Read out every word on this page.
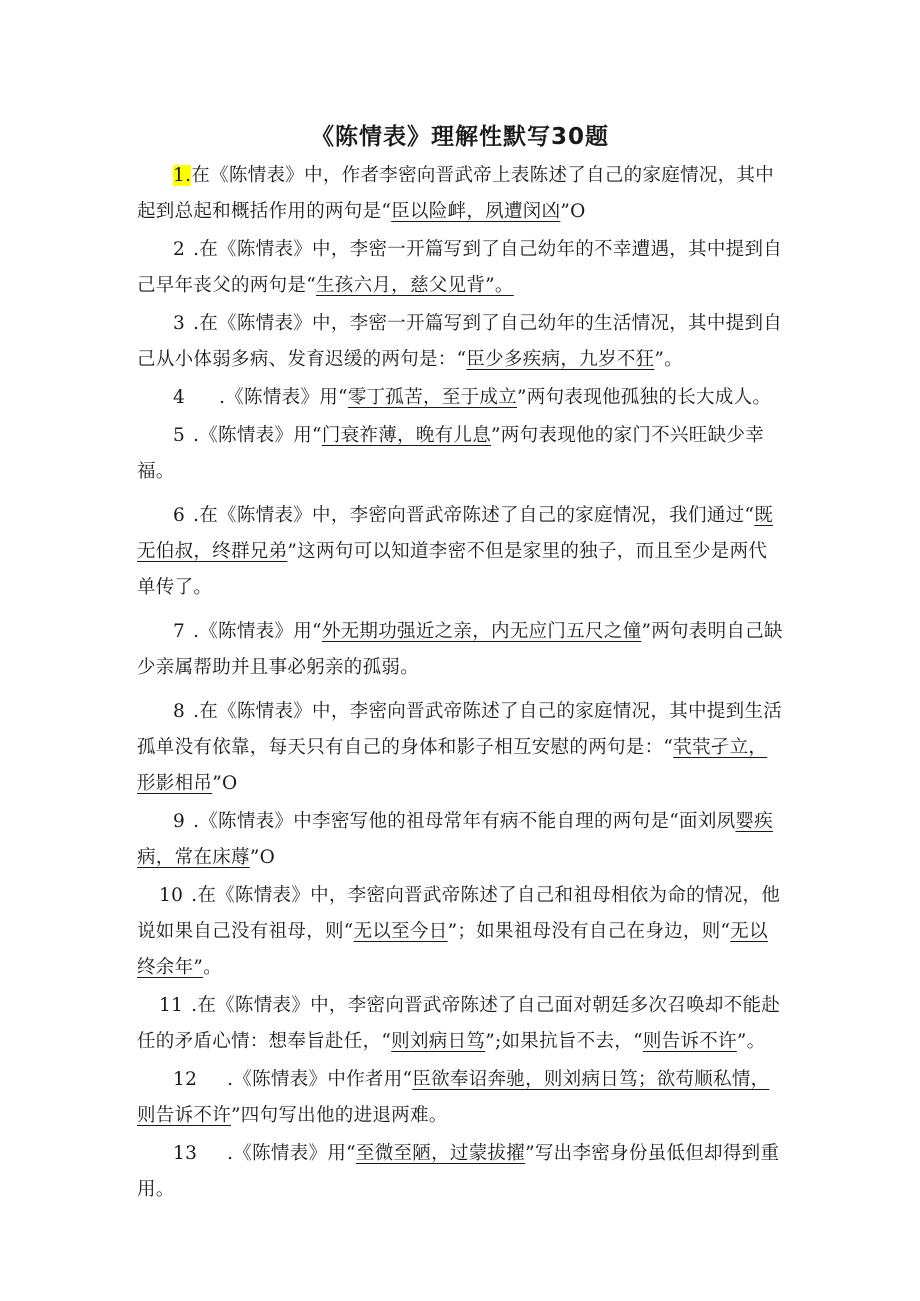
《陈情表》理解性默写30题

1.在《陈情表》中，作者李密向晋武帝上表陈述了自己的家庭情况，其中起到总起和概括作用的两句是“臣以险衅，夙遭闵凶”O

2 .在《陈情表》中，李密一开篇写到了自己幼年的不幸遭遇，其中提到自己早年丧父的两句是“生孩六月，慈父见背”。

3 .在《陈情表》中，李密一开篇写到了自己幼年的生活情况，其中提到自己从小体弱多病、发育迟缓的两句是：“臣少多疾病，九岁不狂”。

4 .《陈情表》用“零丁孤苦，至于成立”两句表现他孤独的长大成人。

5 .《陈情表》用“门衰祚薄，晚有儿息”两句表现他的家门不兴旺缺少幸福。

6 .在《陈情表》中，李密向晋武帝陈述了自己的家庭情况，我们通过“既无伯叔，终群兄弟”这两句可以知道李密不但是家里的独子，而且至少是两代单传了。

7 .《陈情表》用“外无期功强近之亲，内无应门五尺之僮”两句表明自己缺少亲属帮助并且事必躬亲的孤弱。

8 .在《陈情表》中，李密向晋武帝陈述了自己的家庭情况，其中提到生活孤单没有依靠，每天只有自己的身体和影子相互安慰的两句是：“茕茕孑立，形影相吊”O

9 .《陈情表》中李密写他的祖母常年有病不能自理的两句是“面刘夙婴疾病，常在床蓐”O

10 .在《陈情表》中，李密向晋武帝陈述了自己和祖母相依为命的情况，他说如果自己没有祖母，则“无以至今日”；如果祖母没有自己在身边，则“无以终余年”。

11 .在《陈情表》中，李密向晋武帝陈述了自己面对朝廷多次召唤却不能赴任的矛盾心情：想奉旨赴任，“则刘病日笃”;如果抗旨不去，“则告诉不许”。

12 .《陈情表》中作者用“臣欲奉诏奔驰，则刘病日笃；欲苟顺私情，则告诉不许”四句写出他的进退两难。

13 .《陈情表》用“至微至陋，过蒙拔擢”写出李密身份虽低但却得到重用。
